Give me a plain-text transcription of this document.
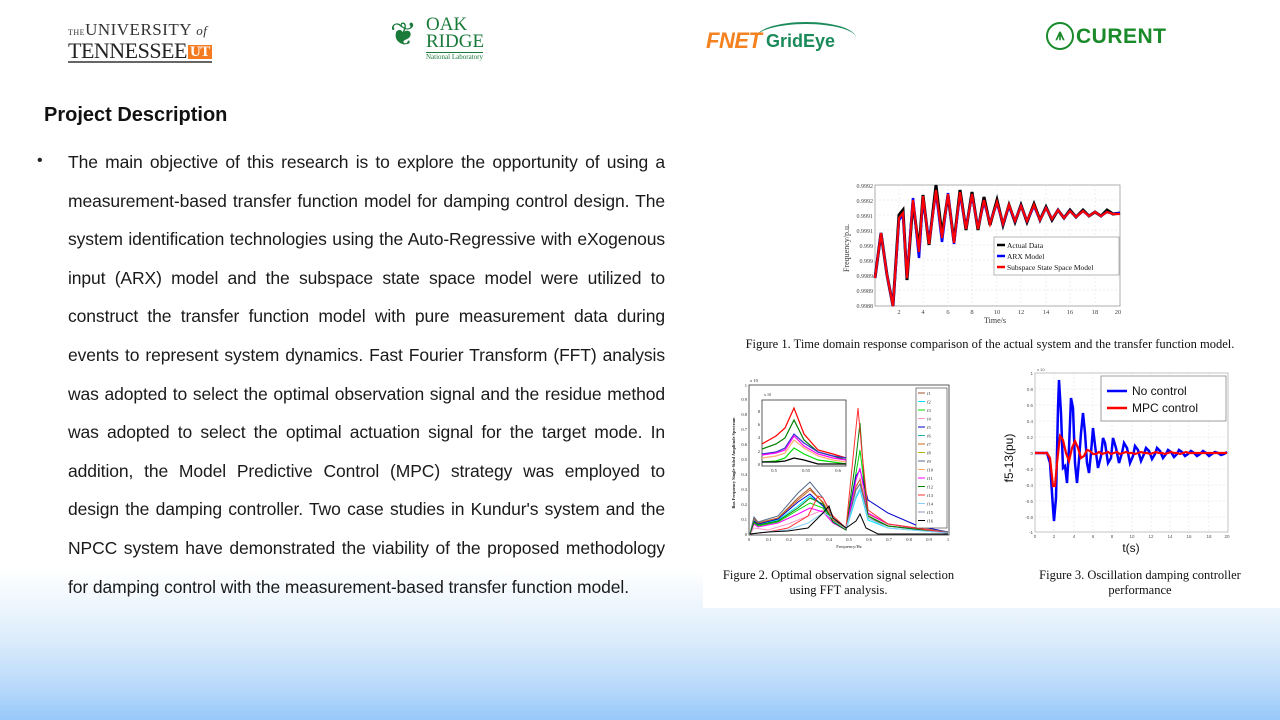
THEUNIVERSITY of
TENNESSEE UT	❦ OAK
RIDGE
National Laboratory
FNET GridEye	⩚ CURENT
Project Description
• The main objective of this research is to explore the opportunity of using a measurement-based transfer function model for damping control design. The system identification technologies using the Auto-Regressive with eXogenous input (ARX) model and the subspace state space model were utilized to construct the transfer function model with pure measurement data during events to represent system dynamics. Fast Fourier Transform (FFT) analysis was adopted to select the optimal observation signal and the residue method was adopted to select the optimal actuation signal for the target mode. In addition, the Model Predictive Control (MPC) strategy was employed to design the damping controller. Two case studies in Kundur's system and the NPCC system have demonstrated the viability of the proposed methodology for damping control with the measurement-based transfer function model.
0.9992
0.9992
0.9991
0.9991
0.999
0.999
0.9989
0.9989
0.9988
2	4	6	8	10	12	14	16	18	20
Time/s
Frequency/p.u.	Actual Data
ARX Model
Subspace State Space Model
Figure 1. Time domain response comparison of the actual system and the transfer function model.
0
0.1
0.2
0.3
0.4
0.5
0.6
0.7
0.8
0.9
1
x 10
0	0.1	0.2	0.3	0.4	0.5	0.6	0.7	0.8	0.9	1
Frequency/Hz
Bus Frequency Single-Sided Amplitude Spectrum	0
2
4
6
8
0.5	0.55	0.6
x 10	f1
f2
f3
f4
f5
f6
f7
f8
f9
f10
f11
f12
f13
f14
f15
f16
Figure 2. Optimal observation signal selection
using FFT analysis.
1
0.8
0.6
0.4
0.2
0
-0.2
-0.4
-0.6
-0.8
-1
x 10
0	2	4	6	8	10	12	14	16	18	20
t(s)
f5-13(pu)
No control
MPC control
Figure 3. Oscillation damping controller
performance
